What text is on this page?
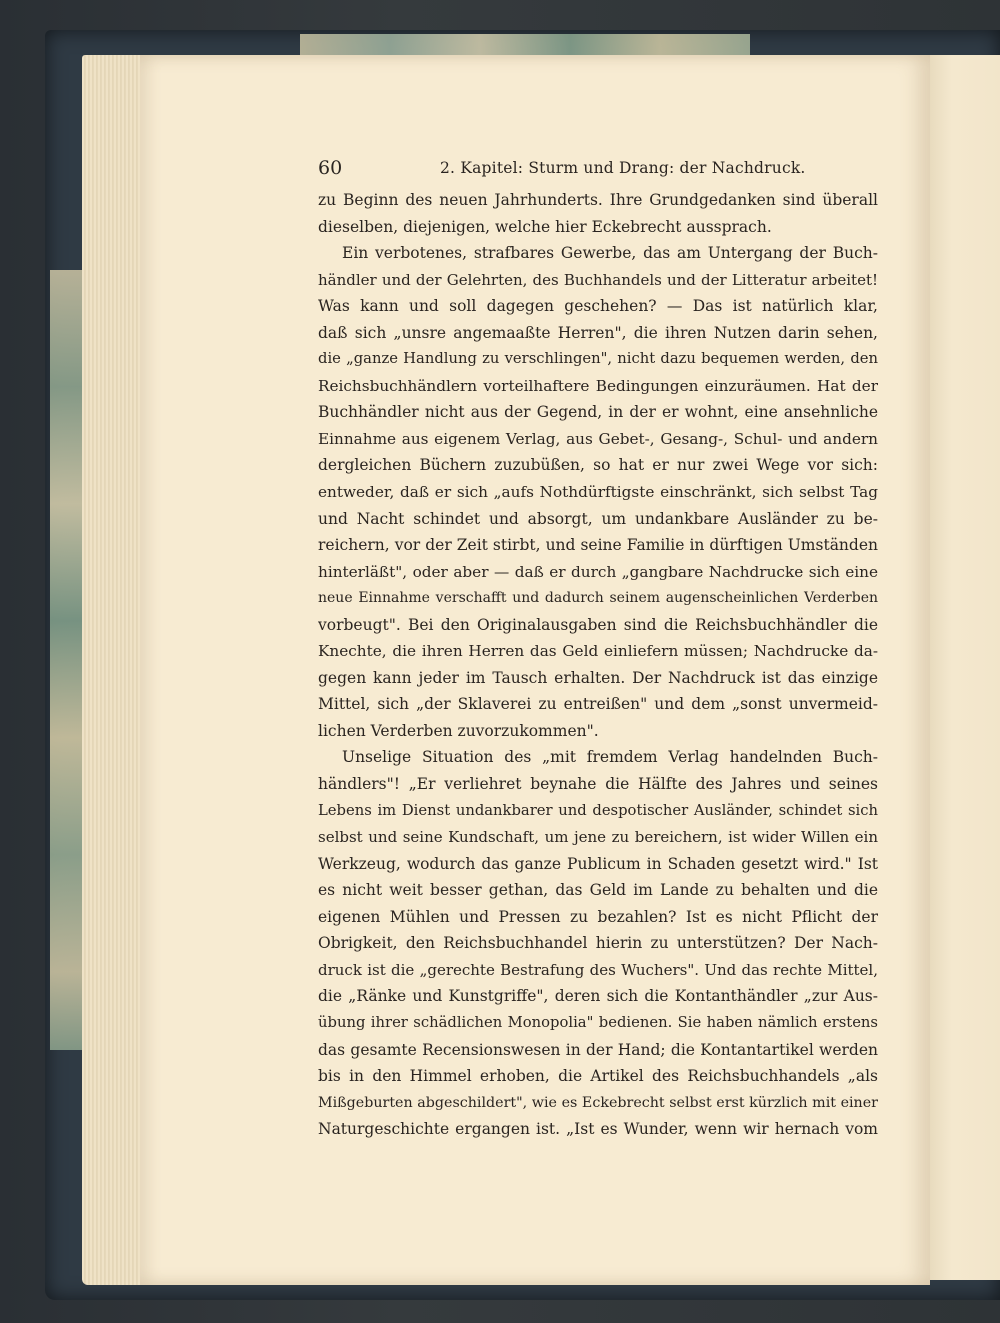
60	2. Kapitel: Sturm und Drang: der Nachdruck.
zu Beginn des neuen Jahrhunderts. Ihre Grundgedanken sind überall
dieselben, diejenigen, welche hier Eckebrecht aussprach.
Ein verbotenes, strafbares Gewerbe, das am Untergang der Buch-
händler und der Gelehrten, des Buchhandels und der Litteratur arbeitet!
Was kann und soll dagegen geschehen? — Das ist natürlich klar,
daß sich „unsre angemaaßte Herren", die ihren Nutzen darin sehen,
die „ganze Handlung zu verschlingen", nicht dazu bequemen werden, den
Reichsbuchhändlern vorteilhaftere Bedingungen einzuräumen. Hat der
Buchhändler nicht aus der Gegend, in der er wohnt, eine ansehnliche
Einnahme aus eigenem Verlag, aus Gebet-, Gesang-, Schul- und andern
dergleichen Büchern zuzubüßen, so hat er nur zwei Wege vor sich:
entweder, daß er sich „aufs Nothdürftigste einschränkt, sich selbst Tag
und Nacht schindet und absorgt, um undankbare Ausländer zu be-
reichern, vor der Zeit stirbt, und seine Familie in dürftigen Umständen
hinterläßt", oder aber — daß er durch „gangbare Nachdrucke sich eine
neue Einnahme verschafft und dadurch seinem augenscheinlichen Verderben
vorbeugt". Bei den Originalausgaben sind die Reichsbuchhändler die
Knechte, die ihren Herren das Geld einliefern müssen; Nachdrucke da-
gegen kann jeder im Tausch erhalten. Der Nachdruck ist das einzige
Mittel, sich „der Sklaverei zu entreißen" und dem „sonst unvermeid-
lichen Verderben zuvorzukommen".
Unselige Situation des „mit fremdem Verlag handelnden Buch-
händlers"! „Er verliehret beynahe die Hälfte des Jahres und seines
Lebens im Dienst undankbarer und despotischer Ausländer, schindet sich
selbst und seine Kundschaft, um jene zu bereichern, ist wider Willen ein
Werkzeug, wodurch das ganze Publicum in Schaden gesetzt wird." Ist
es nicht weit besser gethan, das Geld im Lande zu behalten und die
eigenen Mühlen und Pressen zu bezahlen? Ist es nicht Pflicht der
Obrigkeit, den Reichsbuchhandel hierin zu unterstützen? Der Nach-
druck ist die „gerechte Bestrafung des Wuchers". Und das rechte Mittel,
die „Ränke und Kunstgriffe", deren sich die Kontanthändler „zur Aus-
übung ihrer schädlichen Monopolia" bedienen. Sie haben nämlich erstens
das gesamte Recensionswesen in der Hand; die Kontantartikel werden
bis in den Himmel erhoben, die Artikel des Reichsbuchhandels „als
Mißgeburten abgeschildert", wie es Eckebrecht selbst erst kürzlich mit einer
Naturgeschichte ergangen ist. „Ist es Wunder, wenn wir hernach vom
